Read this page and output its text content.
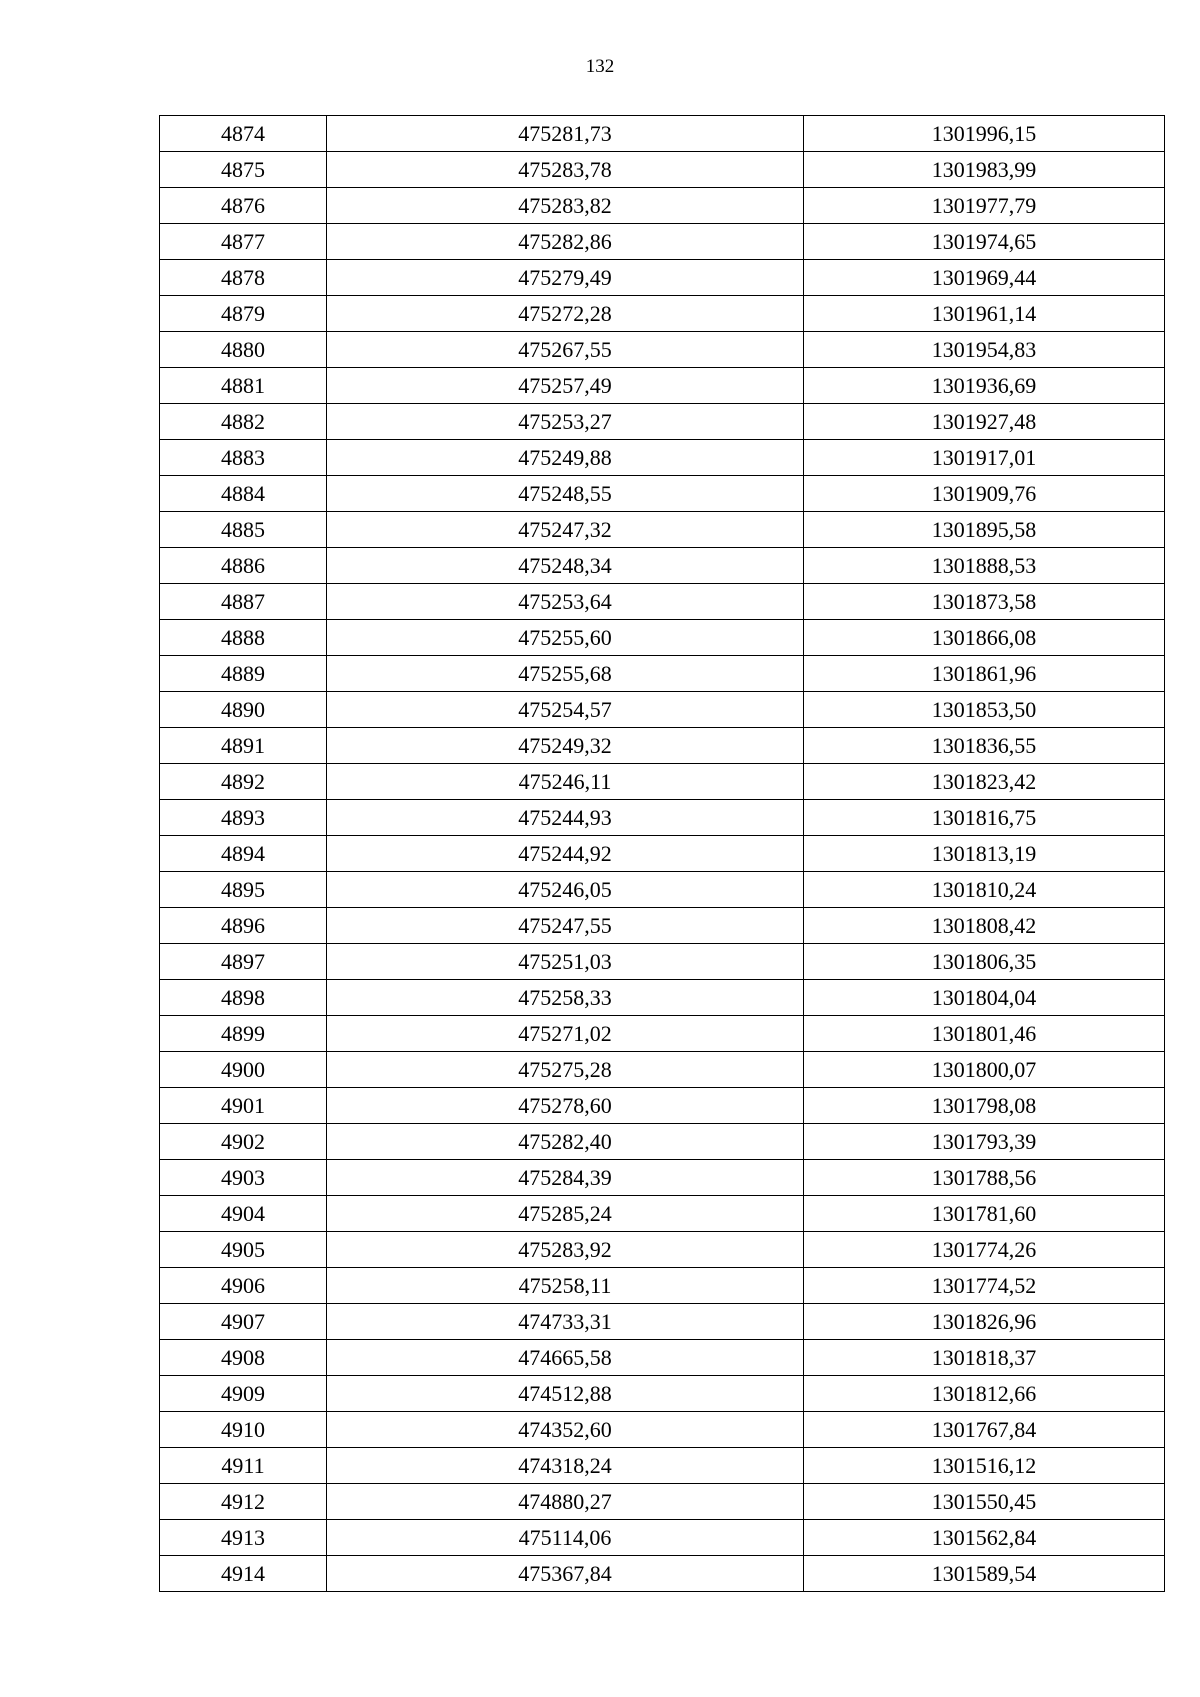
132
4874	475281,73	1301996,15
4875	475283,78	1301983,99
4876	475283,82	1301977,79
4877	475282,86	1301974,65
4878	475279,49	1301969,44
4879	475272,28	1301961,14
4880	475267,55	1301954,83
4881	475257,49	1301936,69
4882	475253,27	1301927,48
4883	475249,88	1301917,01
4884	475248,55	1301909,76
4885	475247,32	1301895,58
4886	475248,34	1301888,53
4887	475253,64	1301873,58
4888	475255,60	1301866,08
4889	475255,68	1301861,96
4890	475254,57	1301853,50
4891	475249,32	1301836,55
4892	475246,11	1301823,42
4893	475244,93	1301816,75
4894	475244,92	1301813,19
4895	475246,05	1301810,24
4896	475247,55	1301808,42
4897	475251,03	1301806,35
4898	475258,33	1301804,04
4899	475271,02	1301801,46
4900	475275,28	1301800,07
4901	475278,60	1301798,08
4902	475282,40	1301793,39
4903	475284,39	1301788,56
4904	475285,24	1301781,60
4905	475283,92	1301774,26
4906	475258,11	1301774,52
4907	474733,31	1301826,96
4908	474665,58	1301818,37
4909	474512,88	1301812,66
4910	474352,60	1301767,84
4911	474318,24	1301516,12
4912	474880,27	1301550,45
4913	475114,06	1301562,84
4914	475367,84	1301589,54
